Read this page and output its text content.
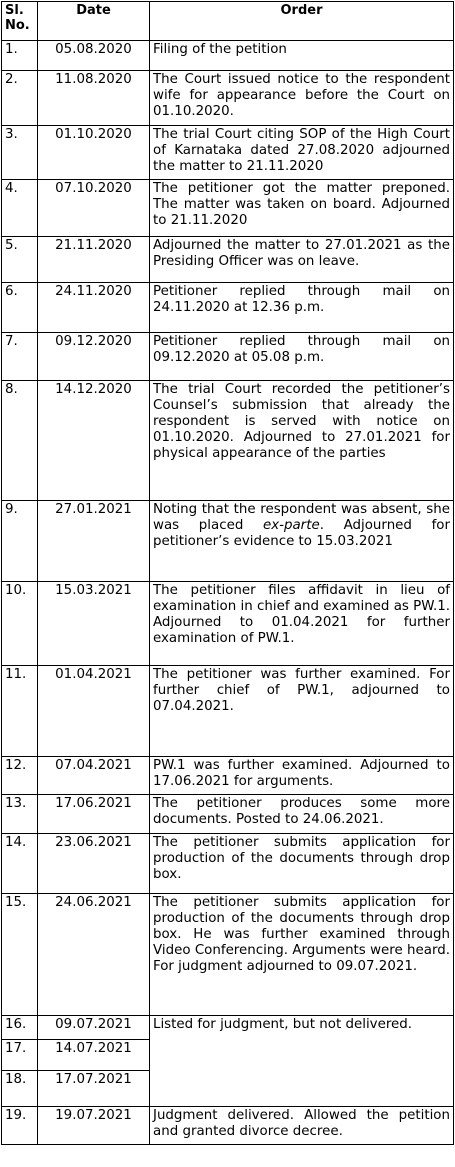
Sl. No.	Date	Order
1.	05.08.2020	Filing of the petition
2.	11.08.2020	The Court issued notice to the respondent wife for appearance before the Court on 01.10.2020.
3.	01.10.2020	The trial Court citing SOP of the High Court of Karnataka dated 27.08.2020 adjourned the matter to 21.11.2020
4.	07.10.2020	The petitioner got the matter preponed. The matter was taken on board. Adjourned to 21.11.2020
5.	21.11.2020	Adjourned the matter to 27.01.2021 as the Presiding Officer was on leave.
6.	24.11.2020	Petitioner replied through mail on 24.11.2020 at 12.36 p.m.
7.	09.12.2020	Petitioner replied through mail on 09.12.2020 at 05.08 p.m.
8.	14.12.2020	The trial Court recorded the petitioner’s Counsel’s submission that already the respondent is served with notice on 01.10.2020. Adjourned to 27.01.2021 for physical appearance of the parties
9.	27.01.2021	Noting that the respondent was absent, she was placed ex-parte. Adjourned for petitioner’s evidence to 15.03.2021
10.	15.03.2021	The petitioner files affidavit in lieu of examination in chief and examined as PW.1. Adjourned to 01.04.2021 for further examination of PW.1.
11.	01.04.2021	The petitioner was further examined. For further chief of PW.1, adjourned to 07.04.2021.
12.	07.04.2021	PW.1 was further examined. Adjourned to 17.06.2021 for arguments.
13.	17.06.2021	The petitioner produces some more documents. Posted to 24.06.2021.
14.	23.06.2021	The petitioner submits application for production of the documents through drop box.
15.	24.06.2021	The petitioner submits application for production of the documents through drop box. He was further examined through Video Conferencing. Arguments were heard. For judgment adjourned to 09.07.2021.
16.	09.07.2021	Listed for judgment, but not delivered.
17.	14.07.2021	
18.	17.07.2021	
19.	19.07.2021	Judgment delivered. Allowed the petition and granted divorce decree.
